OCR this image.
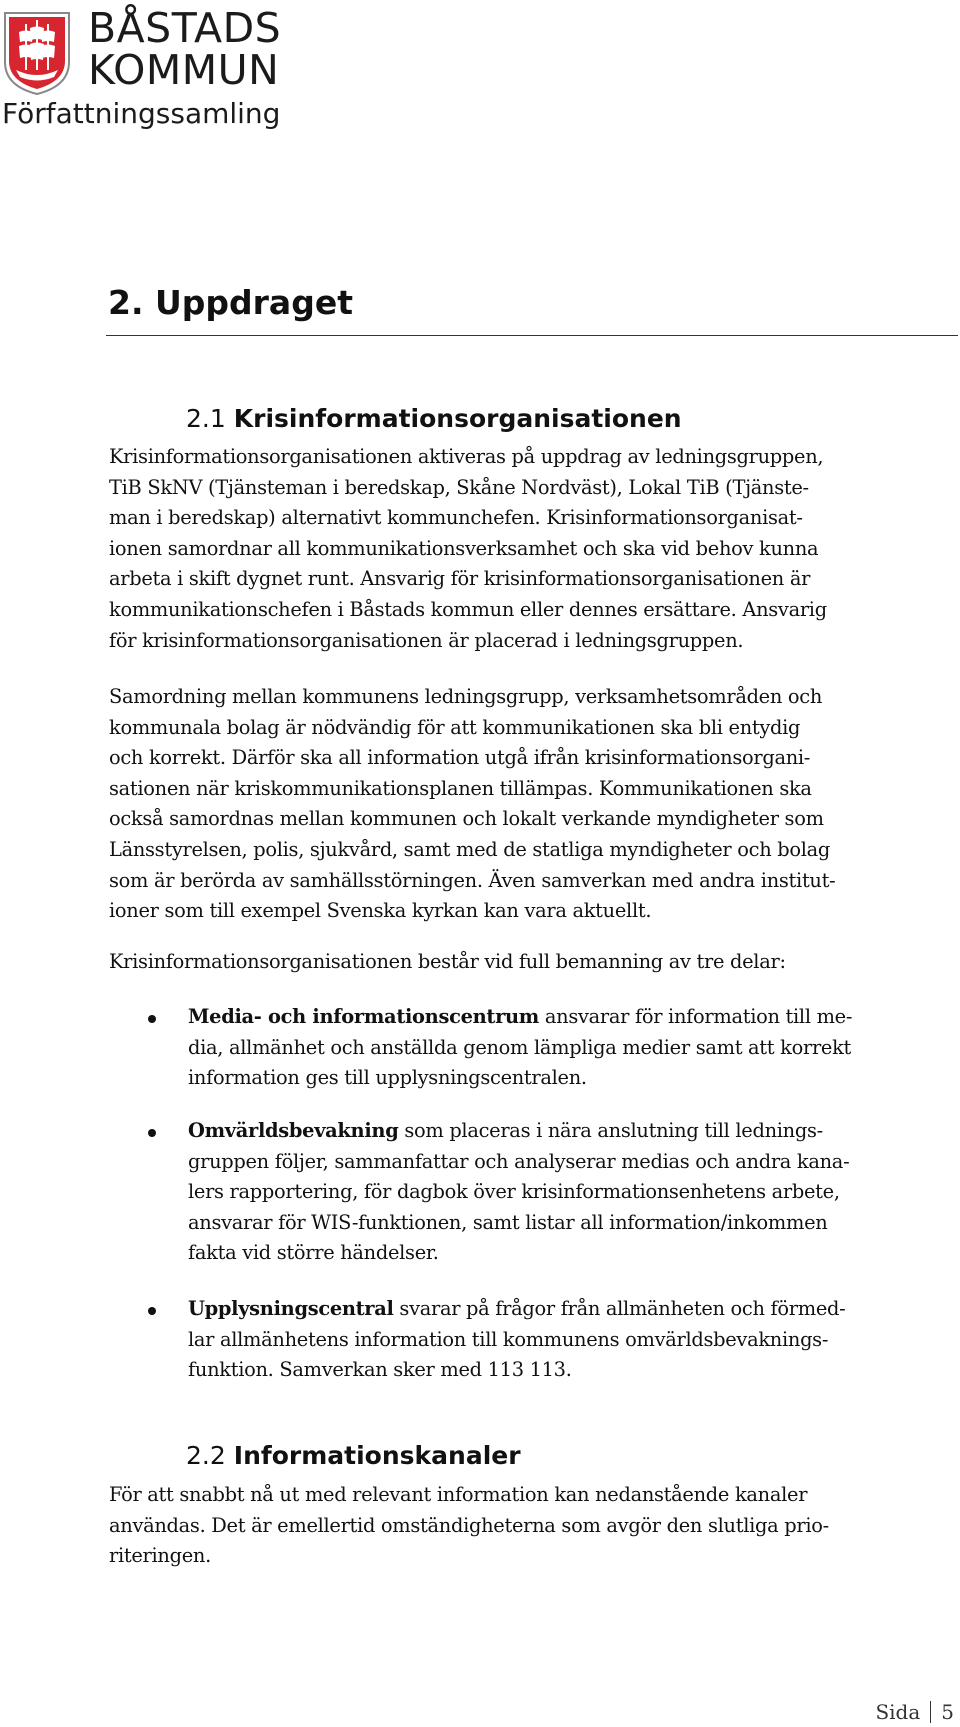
BÅSTADS
KOMMUN
Författningssamling
2. Uppdraget
2.1 Krisinformationsorganisationen
Krisinformationsorganisationen aktiveras på uppdrag av ledningsgruppen,
TiB SkNV (Tjänsteman i beredskap, Skåne Nordväst), Lokal TiB (Tjänste-
man i beredskap) alternativt kommunchefen. Krisinformationsorganisat-
ionen samordnar all kommunikationsverksamhet och ska vid behov kunna
arbeta i skift dygnet runt. Ansvarig för krisinformationsorganisationen är
kommunikationschefen i Båstads kommun eller dennes ersättare. Ansvarig
för krisinformationsorganisationen är placerad i ledningsgruppen.
Samordning mellan kommunens ledningsgrupp, verksamhetsområden och
kommunala bolag är nödvändig för att kommunikationen ska bli entydig
och korrekt. Därför ska all information utgå ifrån krisinformationsorgani-
sationen när kriskommunikationsplanen tillämpas. Kommunikationen ska
också samordnas mellan kommunen och lokalt verkande myndigheter som
Länsstyrelsen, polis, sjukvård, samt med de statliga myndigheter och bolag
som är berörda av samhällsstörningen. Även samverkan med andra institut-
ioner som till exempel Svenska kyrkan kan vara aktuellt.
Krisinformationsorganisationen består vid full bemanning av tre delar:
Media- och informationscentrum ansvarar för information till me-
dia, allmänhet och anställda genom lämpliga medier samt att korrekt
information ges till upplysningscentralen.
Omvärldsbevakning som placeras i nära anslutning till lednings-
gruppen följer, sammanfattar och analyserar medias och andra kana-
lers rapportering, för dagbok över krisinformationsenhetens arbete,
ansvarar för WIS-funktionen, samt listar all information/inkommen
fakta vid större händelser.
Upplysningscentral svarar på frågor från allmänheten och förmed-
lar allmänhetens information till kommunens omvärldsbevaknings-
funktion. Samverkan sker med 113 113.
2.2 Informationskanaler
För att snabbt nå ut med relevant information kan nedanstående kanaler
användas. Det är emellertid omständigheterna som avgör den slutliga prio-
riteringen.
Sida 5
